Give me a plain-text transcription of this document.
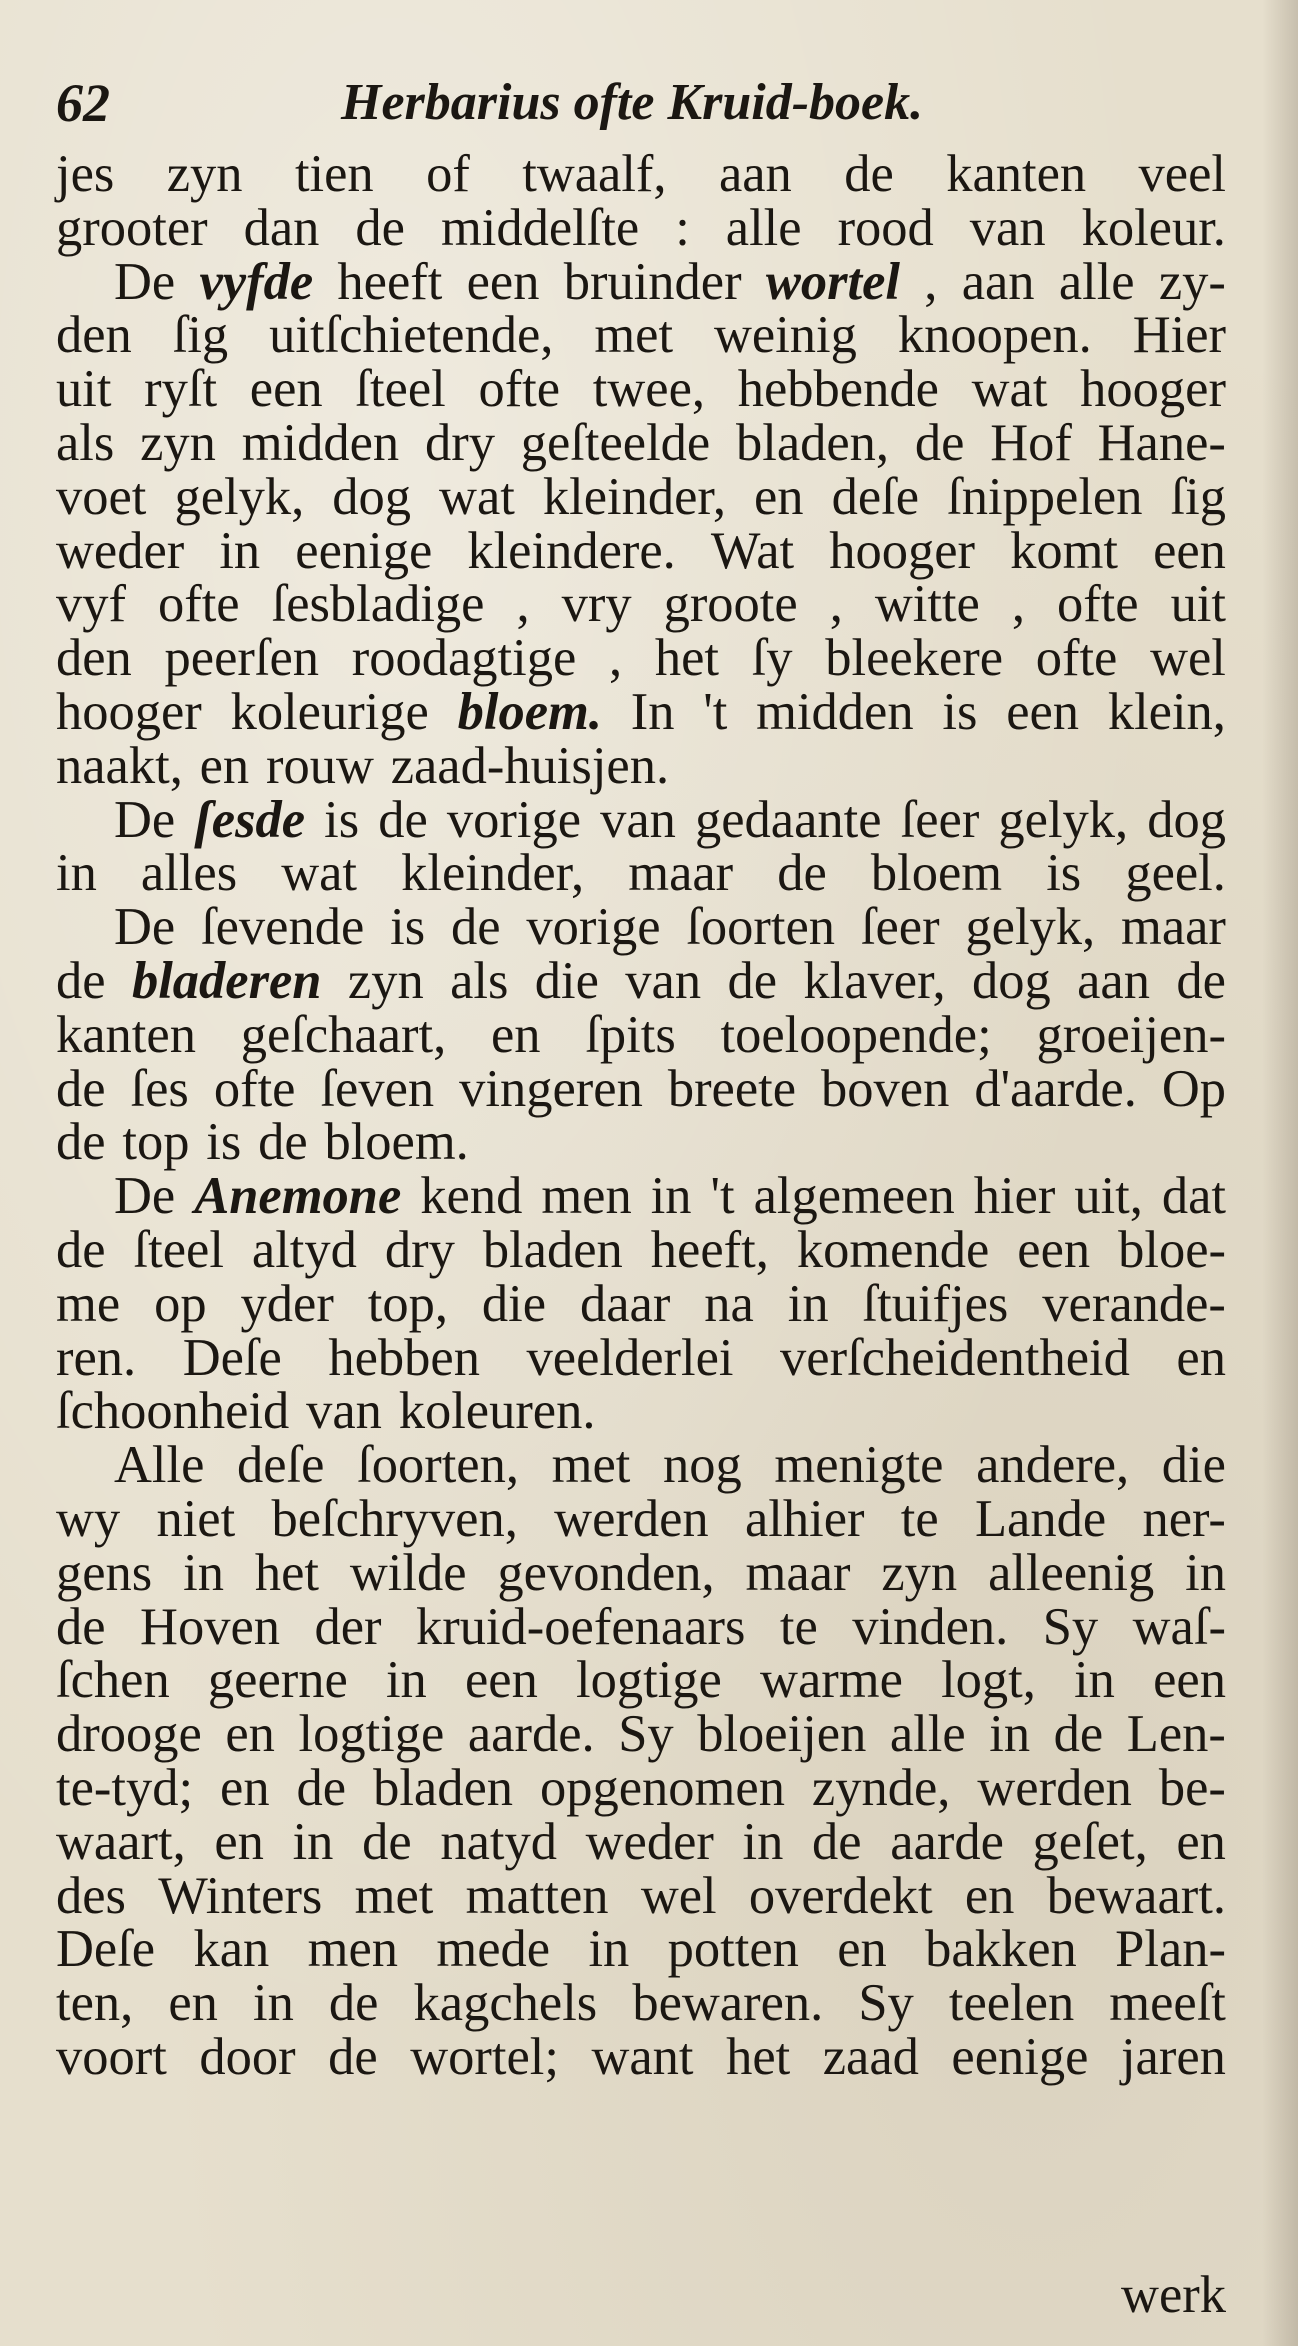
62	Herbarius ofte Kruid-boek.
jes zyn tien of twaalf, aan de kanten veel
grooter dan de middelſte : alle rood van koleur.
De vyfde heeft een bruinder wortel , aan alle zy-
den ſig uitſchietende, met weinig knoopen. Hier
uit ryſt een ſteel ofte twee, hebbende wat hooger
als zyn midden dry geſteelde bladen, de Hof Hane-
voet gelyk, dog wat kleinder, en deſe ſnippelen ſig
weder in eenige kleindere. Wat hooger komt een
vyf ofte ſesbladige , vry groote , witte , ofte uit
den peerſen roodagtige , het ſy bleekere ofte wel
hooger koleurige bloem. In 't midden is een klein,
naakt, en rouw zaad-huisjen.
De ſesde is de vorige van gedaante ſeer gelyk, dog
in alles wat kleinder, maar de bloem is geel.
De ſevende is de vorige ſoorten ſeer gelyk, maar
de bladeren zyn als die van de klaver, dog aan de
kanten geſchaart, en ſpits toeloopende; groeijen-
de ſes ofte ſeven vingeren breete boven d'aarde. Op
de top is de bloem.
De Anemone kend men in 't algemeen hier uit, dat
de ſteel altyd dry bladen heeft, komende een bloe-
me op yder top, die daar na in ſtuifjes verande-
ren. Deſe hebben veelderlei verſcheidentheid en
ſchoonheid van koleuren.
Alle deſe ſoorten, met nog menigte andere, die
wy niet beſchryven, werden alhier te Lande ner-
gens in het wilde gevonden, maar zyn alleenig in
de Hoven der kruid-oefenaars te vinden. Sy waſ-
ſchen geerne in een logtige warme logt, in een
drooge en logtige aarde. Sy bloeijen alle in de Len-
te-tyd; en de bladen opgenomen zynde, werden be-
waart, en in de natyd weder in de aarde geſet, en
des Winters met matten wel overdekt en bewaart.
Deſe kan men mede in potten en bakken Plan-
ten, en in de kagchels bewaren. Sy teelen meeſt
voort door de wortel; want het zaad eenige jaren
werk
